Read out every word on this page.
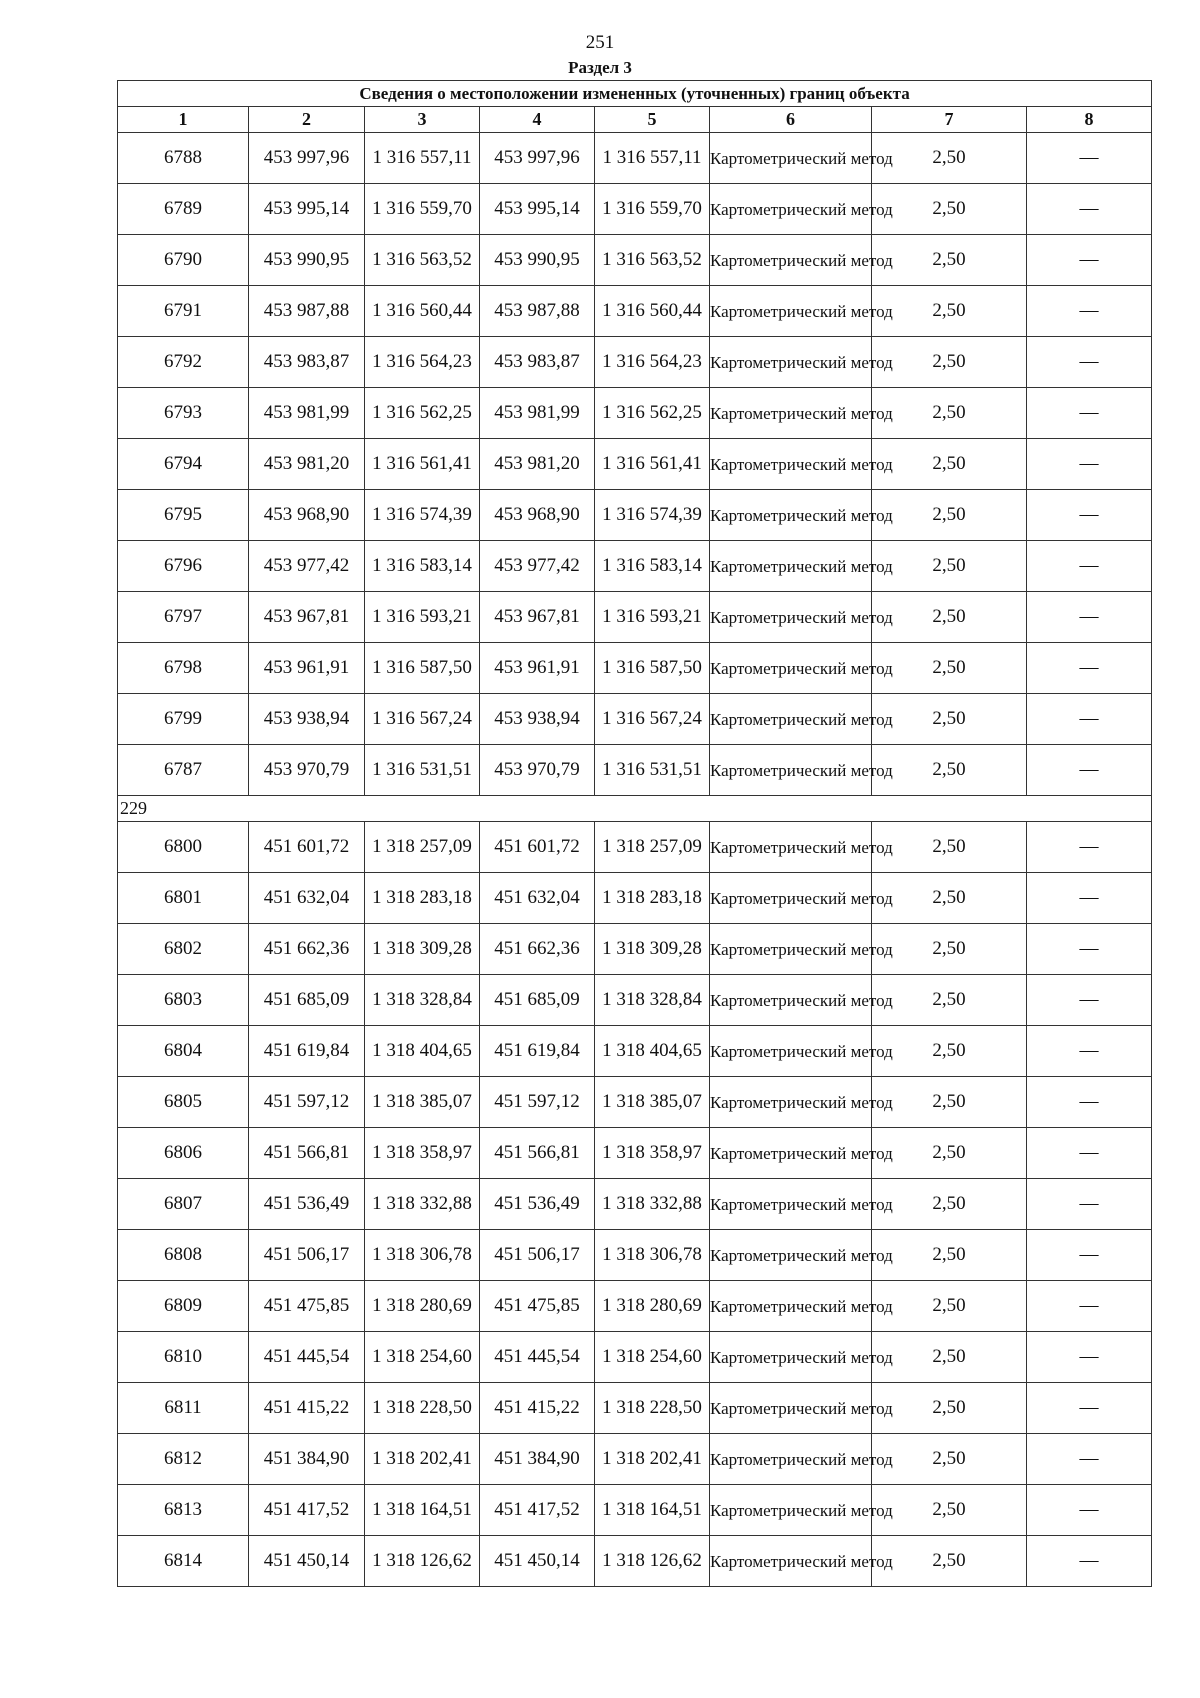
251
Раздел 3
Сведения о местоположении измененных (уточненных) границ объекта							
1	2	3	4	5	6	7	8
6788	453 997,96	1 316 557,11	453 997,96	1 316 557,11	Картометрический метод	2,50	—
6789	453 995,14	1 316 559,70	453 995,14	1 316 559,70	Картометрический метод	2,50	—
6790	453 990,95	1 316 563,52	453 990,95	1 316 563,52	Картометрический метод	2,50	—
6791	453 987,88	1 316 560,44	453 987,88	1 316 560,44	Картометрический метод	2,50	—
6792	453 983,87	1 316 564,23	453 983,87	1 316 564,23	Картометрический метод	2,50	—
6793	453 981,99	1 316 562,25	453 981,99	1 316 562,25	Картометрический метод	2,50	—
6794	453 981,20	1 316 561,41	453 981,20	1 316 561,41	Картометрический метод	2,50	—
6795	453 968,90	1 316 574,39	453 968,90	1 316 574,39	Картометрический метод	2,50	—
6796	453 977,42	1 316 583,14	453 977,42	1 316 583,14	Картометрический метод	2,50	—
6797	453 967,81	1 316 593,21	453 967,81	1 316 593,21	Картометрический метод	2,50	—
6798	453 961,91	1 316 587,50	453 961,91	1 316 587,50	Картометрический метод	2,50	—
6799	453 938,94	1 316 567,24	453 938,94	1 316 567,24	Картометрический метод	2,50	—
6787	453 970,79	1 316 531,51	453 970,79	1 316 531,51	Картометрический метод	2,50	—
229							
6800	451 601,72	1 318 257,09	451 601,72	1 318 257,09	Картометрический метод	2,50	—
6801	451 632,04	1 318 283,18	451 632,04	1 318 283,18	Картометрический метод	2,50	—
6802	451 662,36	1 318 309,28	451 662,36	1 318 309,28	Картометрический метод	2,50	—
6803	451 685,09	1 318 328,84	451 685,09	1 318 328,84	Картометрический метод	2,50	—
6804	451 619,84	1 318 404,65	451 619,84	1 318 404,65	Картометрический метод	2,50	—
6805	451 597,12	1 318 385,07	451 597,12	1 318 385,07	Картометрический метод	2,50	—
6806	451 566,81	1 318 358,97	451 566,81	1 318 358,97	Картометрический метод	2,50	—
6807	451 536,49	1 318 332,88	451 536,49	1 318 332,88	Картометрический метод	2,50	—
6808	451 506,17	1 318 306,78	451 506,17	1 318 306,78	Картометрический метод	2,50	—
6809	451 475,85	1 318 280,69	451 475,85	1 318 280,69	Картометрический метод	2,50	—
6810	451 445,54	1 318 254,60	451 445,54	1 318 254,60	Картометрический метод	2,50	—
6811	451 415,22	1 318 228,50	451 415,22	1 318 228,50	Картометрический метод	2,50	—
6812	451 384,90	1 318 202,41	451 384,90	1 318 202,41	Картометрический метод	2,50	—
6813	451 417,52	1 318 164,51	451 417,52	1 318 164,51	Картометрический метод	2,50	—
6814	451 450,14	1 318 126,62	451 450,14	1 318 126,62	Картометрический метод	2,50	—
